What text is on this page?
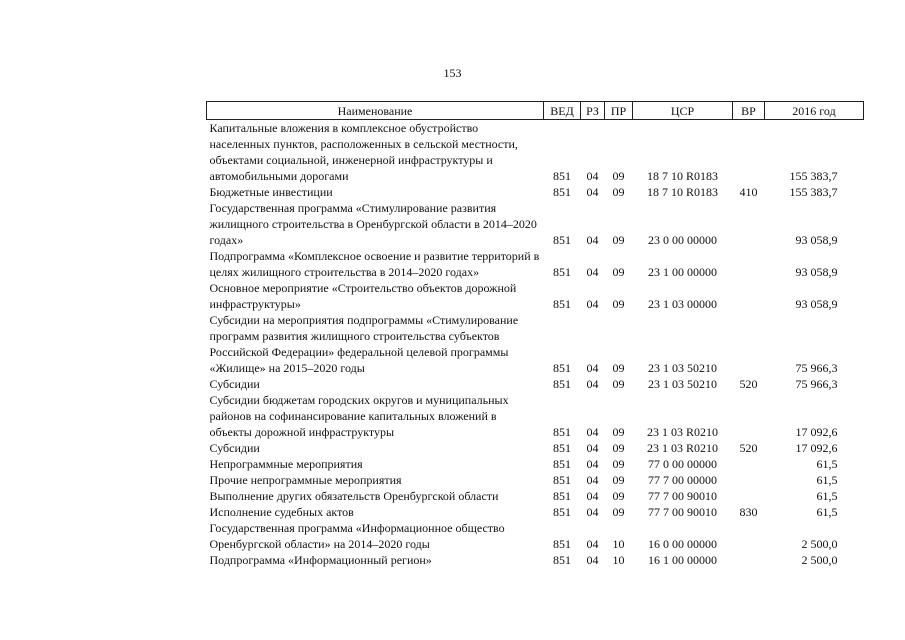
153
Наименование	ВЕД	РЗ	ПР	ЦСР	ВР	2016 год
Капитальные вложения в комплексное обустройство населенных пунктов, расположенных в сельской местности, объектами социальной, инженерной инфраструктуры и автомобильными дорогами	851	04	09	18 7 10 R0183		155 383,7
Бюджетные инвестиции	851	04	09	18 7 10 R0183	410	155 383,7
Государственная программа «Стимулирование развития жилищного строительства в Оренбургской области в 2014–2020 годах»	851	04	09	23 0 00 00000		93 058,9
Подпрограмма «Комплексное освоение и развитие территорий в целях жилищного строительства в 2014–2020 годах»	851	04	09	23 1 00 00000		93 058,9
Основное мероприятие «Строительство объектов дорожной инфраструктуры»	851	04	09	23 1 03 00000		93 058,9
Субсидии на мероприятия подпрограммы «Стимулирование программ развития жилищного строительства субъектов Российской Федерации» федеральной целевой программы «Жилище» на 2015–2020 годы	851	04	09	23 1 03 50210		75 966,3
Субсидии	851	04	09	23 1 03 50210	520	75 966,3
Субсидии бюджетам городских округов и муниципальных районов на софинансирование капитальных вложений в объекты дорожной инфраструктуры	851	04	09	23 1 03 R0210		17 092,6
Субсидии	851	04	09	23 1 03 R0210	520	17 092,6
Непрограммные мероприятия	851	04	09	77 0 00 00000		61,5
Прочие непрограммные мероприятия	851	04	09	77 7 00 00000		61,5
Выполнение других обязательств Оренбургской области	851	04	09	77 7 00 90010		61,5
Исполнение судебных актов	851	04	09	77 7 00 90010	830	61,5
Государственная программа «Информационное общество Оренбургской области» на 2014–2020 годы	851	04	10	16 0 00 00000		2 500,0
Подпрограмма «Информационный регион»	851	04	10	16 1 00 00000		2 500,0
